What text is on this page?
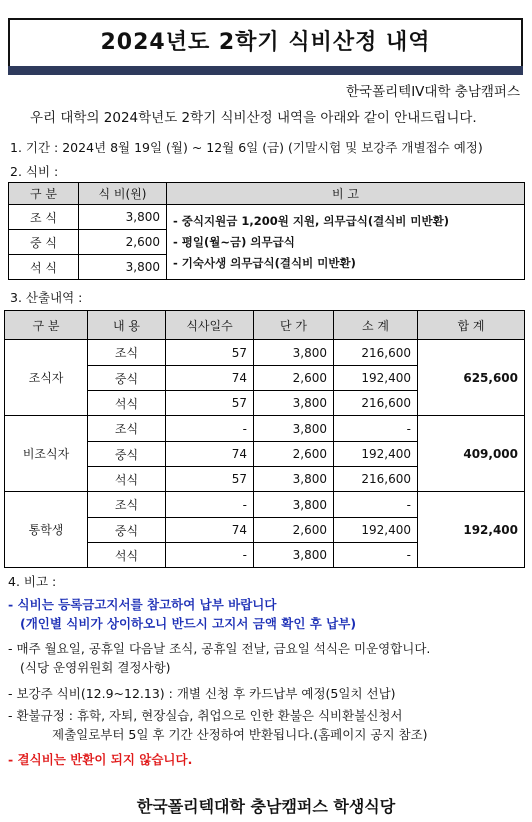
2024년도 2학기 식비산정 내역
한국폴리텍IV대학 충남캠퍼스
우리 대학의 2024학년도 2학기 식비산정 내역을 아래와 같이 안내드립니다.
1. 기간 : 2024년 8월 19일 (월) ~ 12월 6일 (금) (기말시험 및 보강주 개별접수 예정)
2. 식비 :
구 분	식 비(원)	비 고
조 식	3,800	- 중식지원금 1,200원 지원, 의무급식(결식비 미반환)
- 평일(월~금) 의무급식
- 기숙사생 의무급식(결식비 미반환)

중 식	2,600	
석 식	3,800	
3. 산출내역 :
구 분	내 용	식사일수	단 가	소 계	합 계
조식자	조식	57	3,800	216,600	625,600
	중식	74	2,600	192,400	
	석식	57	3,800	216,600	
비조식자	조식	-	3,800	-	409,000
	중식	74	2,600	192,400	
	석식	57	3,800	216,600	
통학생	조식	-	3,800	-	192,400
	중식	74	2,600	192,400	
	석식	-	3,800	-	
4. 비고 :
- 식비는 등록금고지서를 참고하여 납부 바랍니다
(개인별 식비가 상이하오니 반드시 고지서 금액 확인 후 납부)
- 매주 월요일, 공휴일 다음날 조식, 공휴일 전날, 금요일 석식은 미운영합니다.
(식당 운영위원회 결정사항)
- 보강주 식비(12.9~12.13) : 개별 신청 후 카드납부 예정(5일치 선납)
- 환불규정 : 휴학, 자퇴, 현장실습, 취업으로 인한 환불은 식비환불신청서
제출일로부터 5일 후 기간 산정하여 반환됩니다.(홈페이지 공지 참조)
- 결식비는 반환이 되지 않습니다.
한국폴리텍대학 충남캠퍼스 학생식당
